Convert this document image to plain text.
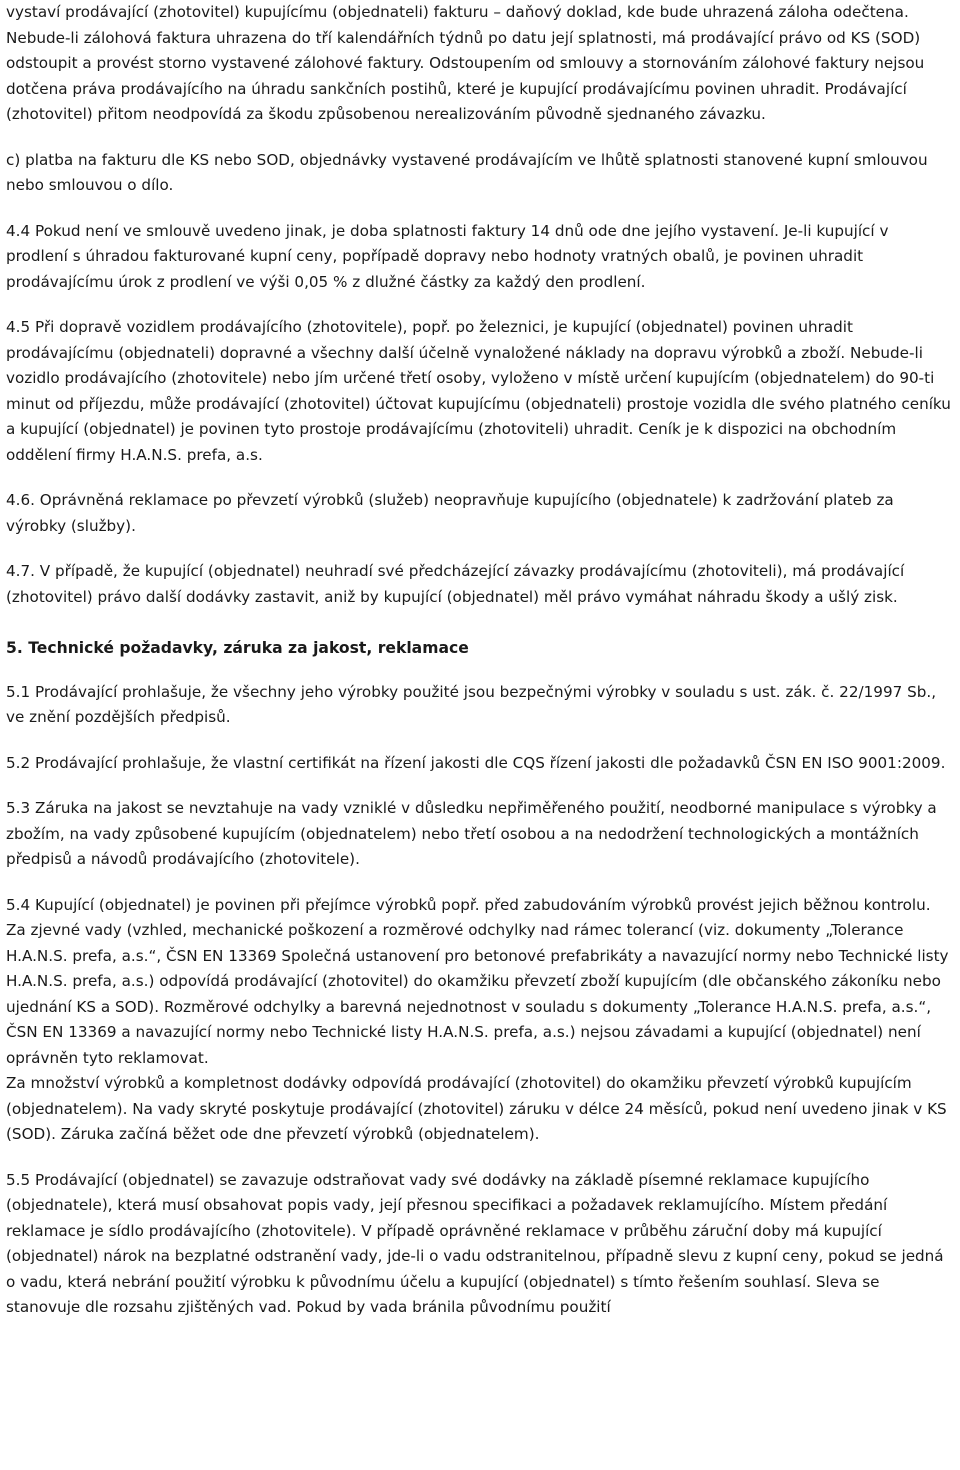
vystaví prodávající (zhotovitel) kupujícímu (objednateli) fakturu – daňový doklad, kde bude uhrazená záloha odečtena. Nebude-li zálohová faktura uhrazena do tří kalendářních týdnů po datu její splatnosti, má prodávající právo od KS (SOD) odstoupit a provést storno vystavené zálohové faktury. Odstoupením od smlouvy a stornováním zálohové faktury nejsou dotčena práva prodávajícího na úhradu sankčních postihů, které je kupující prodávajícímu povinen uhradit. Prodávající (zhotovitel) přitom neodpovídá za škodu způsobenou nerealizováním původně sjednaného závazku.

c) platba na fakturu dle KS nebo SOD, objednávky vystavené prodávajícím ve lhůtě splatnosti stanovené kupní smlouvou nebo smlouvou o dílo.

4.4 Pokud není ve smlouvě uvedeno jinak, je doba splatnosti faktury 14 dnů ode dne jejího vystavení. Je-li kupující v prodlení s úhradou fakturované kupní ceny, popřípadě dopravy nebo hodnoty vratných obalů, je povinen uhradit prodávajícímu úrok z prodlení ve výši 0,05 % z dlužné částky za každý den prodlení.

4.5 Při dopravě vozidlem prodávajícího (zhotovitele), popř. po železnici, je kupující (objednatel) povinen uhradit prodávajícímu (objednateli) dopravné a všechny další účelně vynaložené náklady na dopravu výrobků a zboží. Nebude-li vozidlo prodávajícího (zhotovitele) nebo jím určené třetí osoby, vyloženo v místě určení kupujícím (objednatelem) do 90-ti minut od příjezdu, může prodávající (zhotovitel) účtovat kupujícímu (objednateli) prostoje vozidla dle svého platného ceníku a kupující (objednatel) je povinen tyto prostoje prodávajícímu (zhotoviteli) uhradit. Ceník je k dispozici na obchodním oddělení firmy H.A.N.S. prefa, a.s.

4.6. Oprávněná reklamace po převzetí výrobků (služeb) neopravňuje kupujícího (objednatele) k zadržování plateb za výrobky (služby).

4.7. V případě, že kupující (objednatel) neuhradí své předcházející závazky prodávajícímu (zhotoviteli), má prodávající (zhotovitel) právo další dodávky zastavit, aniž by kupující (objednatel) měl právo vymáhat náhradu škody a ušlý zisk.

5. Technické požadavky, záruka za jakost, reklamace

5.1 Prodávající prohlašuje, že všechny jeho výrobky použité jsou bezpečnými výrobky v souladu s ust. zák. č. 22/1997 Sb., ve znění pozdějších předpisů.

5.2 Prodávající prohlašuje, že vlastní certifikát na řízení jakosti dle CQS řízení jakosti dle požadavků ČSN EN ISO 9001:2009.

5.3 Záruka na jakost se nevztahuje na vady vzniklé v důsledku nepřiměřeného použití, neodborné manipulace s výrobky a zbožím, na vady způsobené kupujícím (objednatelem) nebo třetí osobou a na nedodržení technologických a montážních předpisů a návodů prodávajícího (zhotovitele).

5.4 Kupující (objednatel) je povinen při přejímce výrobků popř. před zabudováním výrobků provést jejich běžnou kontrolu. Za zjevné vady (vzhled, mechanické poškození a rozměrové odchylky nad rámec tolerancí (viz. dokumenty „Tolerance H.A.N.S. prefa, a.s.“, ČSN EN 13369 Společná ustanovení pro betonové prefabrikáty a navazující normy nebo Technické listy H.A.N.S. prefa, a.s.) odpovídá prodávající (zhotovitel) do okamžiku převzetí zboží kupujícím (dle občanského zákoníku nebo ujednání KS a SOD). Rozměrové odchylky a barevná nejednotnost v souladu s dokumenty „Tolerance H.A.N.S. prefa, a.s.“, ČSN EN 13369 a navazující normy nebo Technické listy H.A.N.S. prefa, a.s.) nejsou závadami a kupující (objednatel) není oprávněn tyto reklamovat.

Za množství výrobků a kompletnost dodávky odpovídá prodávající (zhotovitel) do okamžiku převzetí výrobků kupujícím (objednatelem). Na vady skryté poskytuje prodávající (zhotovitel) záruku v délce 24 měsíců, pokud není uvedeno jinak v KS (SOD). Záruka začíná běžet ode dne převzetí výrobků (objednatelem).

5.5 Prodávající (objednatel) se zavazuje odstraňovat vady své dodávky na základě písemné reklamace kupujícího (objednatele), která musí obsahovat popis vady, její přesnou specifikaci a požadavek reklamujícího. Místem předání reklamace je sídlo prodávajícího (zhotovitele). V případě oprávněné reklamace v průběhu záruční doby má kupující (objednatel) nárok na bezplatné odstranění vady, jde-li o vadu odstranitelnou, případně slevu z kupní ceny, pokud se jedná o vadu, která nebrání použití výrobku k původnímu účelu a kupující (objednatel) s tímto řešením souhlasí. Sleva se stanovuje dle rozsahu zjištěných vad. Pokud by vada bránila původnímu použití
